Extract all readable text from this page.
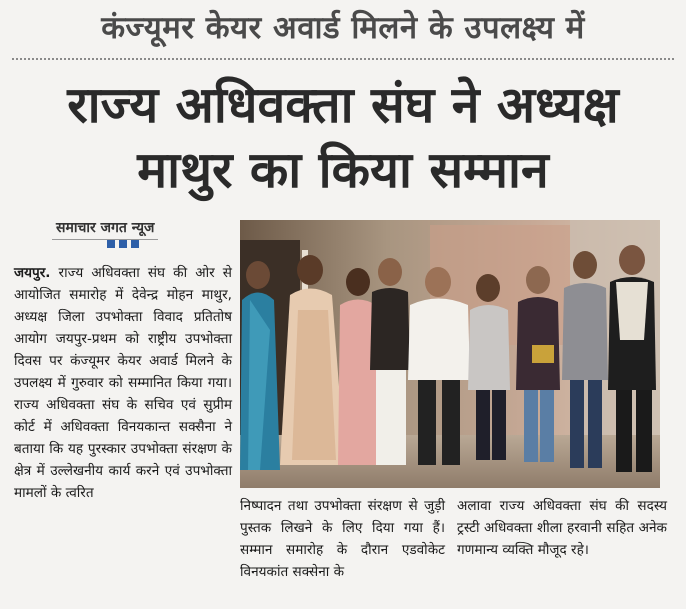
कंज्यूमर केयर अवार्ड मिलने के उपलक्ष्य में
राज्य अधिवक्ता संघ ने अध्यक्ष
माथुर का किया सम्मान
समाचार जगत न्यूज

जयपुर. राज्य अधिवक्ता संघ की ओर से आयोजित समारोह में देवेन्द्र मोहन माथुर, अध्यक्ष जिला उपभोक्ता विवाद प्रतितोष आयोग जयपुर-प्रथम को राष्ट्रीय उपभोक्ता दिवस पर कंज्यूमर केयर अवार्ड मिलने के उपलक्ष्य में गुरुवार को सम्मानित किया गया। राज्य अधिवक्ता संघ के सचिव एवं सुप्रीम कोर्ट में अधिवक्ता विनयकान्त सक्सैना ने बताया कि यह पुरस्कार उपभोक्ता संरक्षण के क्षेत्र में उल्लेखनीय कार्य करने एवं उपभोक्ता मामलों के त्वरित

निष्पादन तथा उपभोक्ता संरक्षण से जुड़ी पुस्तक लिखने के लिए दिया गया हैं। सम्मान समारोह के दौरान एडवोकेट विनयकांत सक्सेना के

अलावा राज्य अधिवक्ता संघ की सदस्य ट्रस्टी अधिवक्ता शीला हरवानी सहित अनेक गणमान्य व्यक्ति मौजूद रहे।
